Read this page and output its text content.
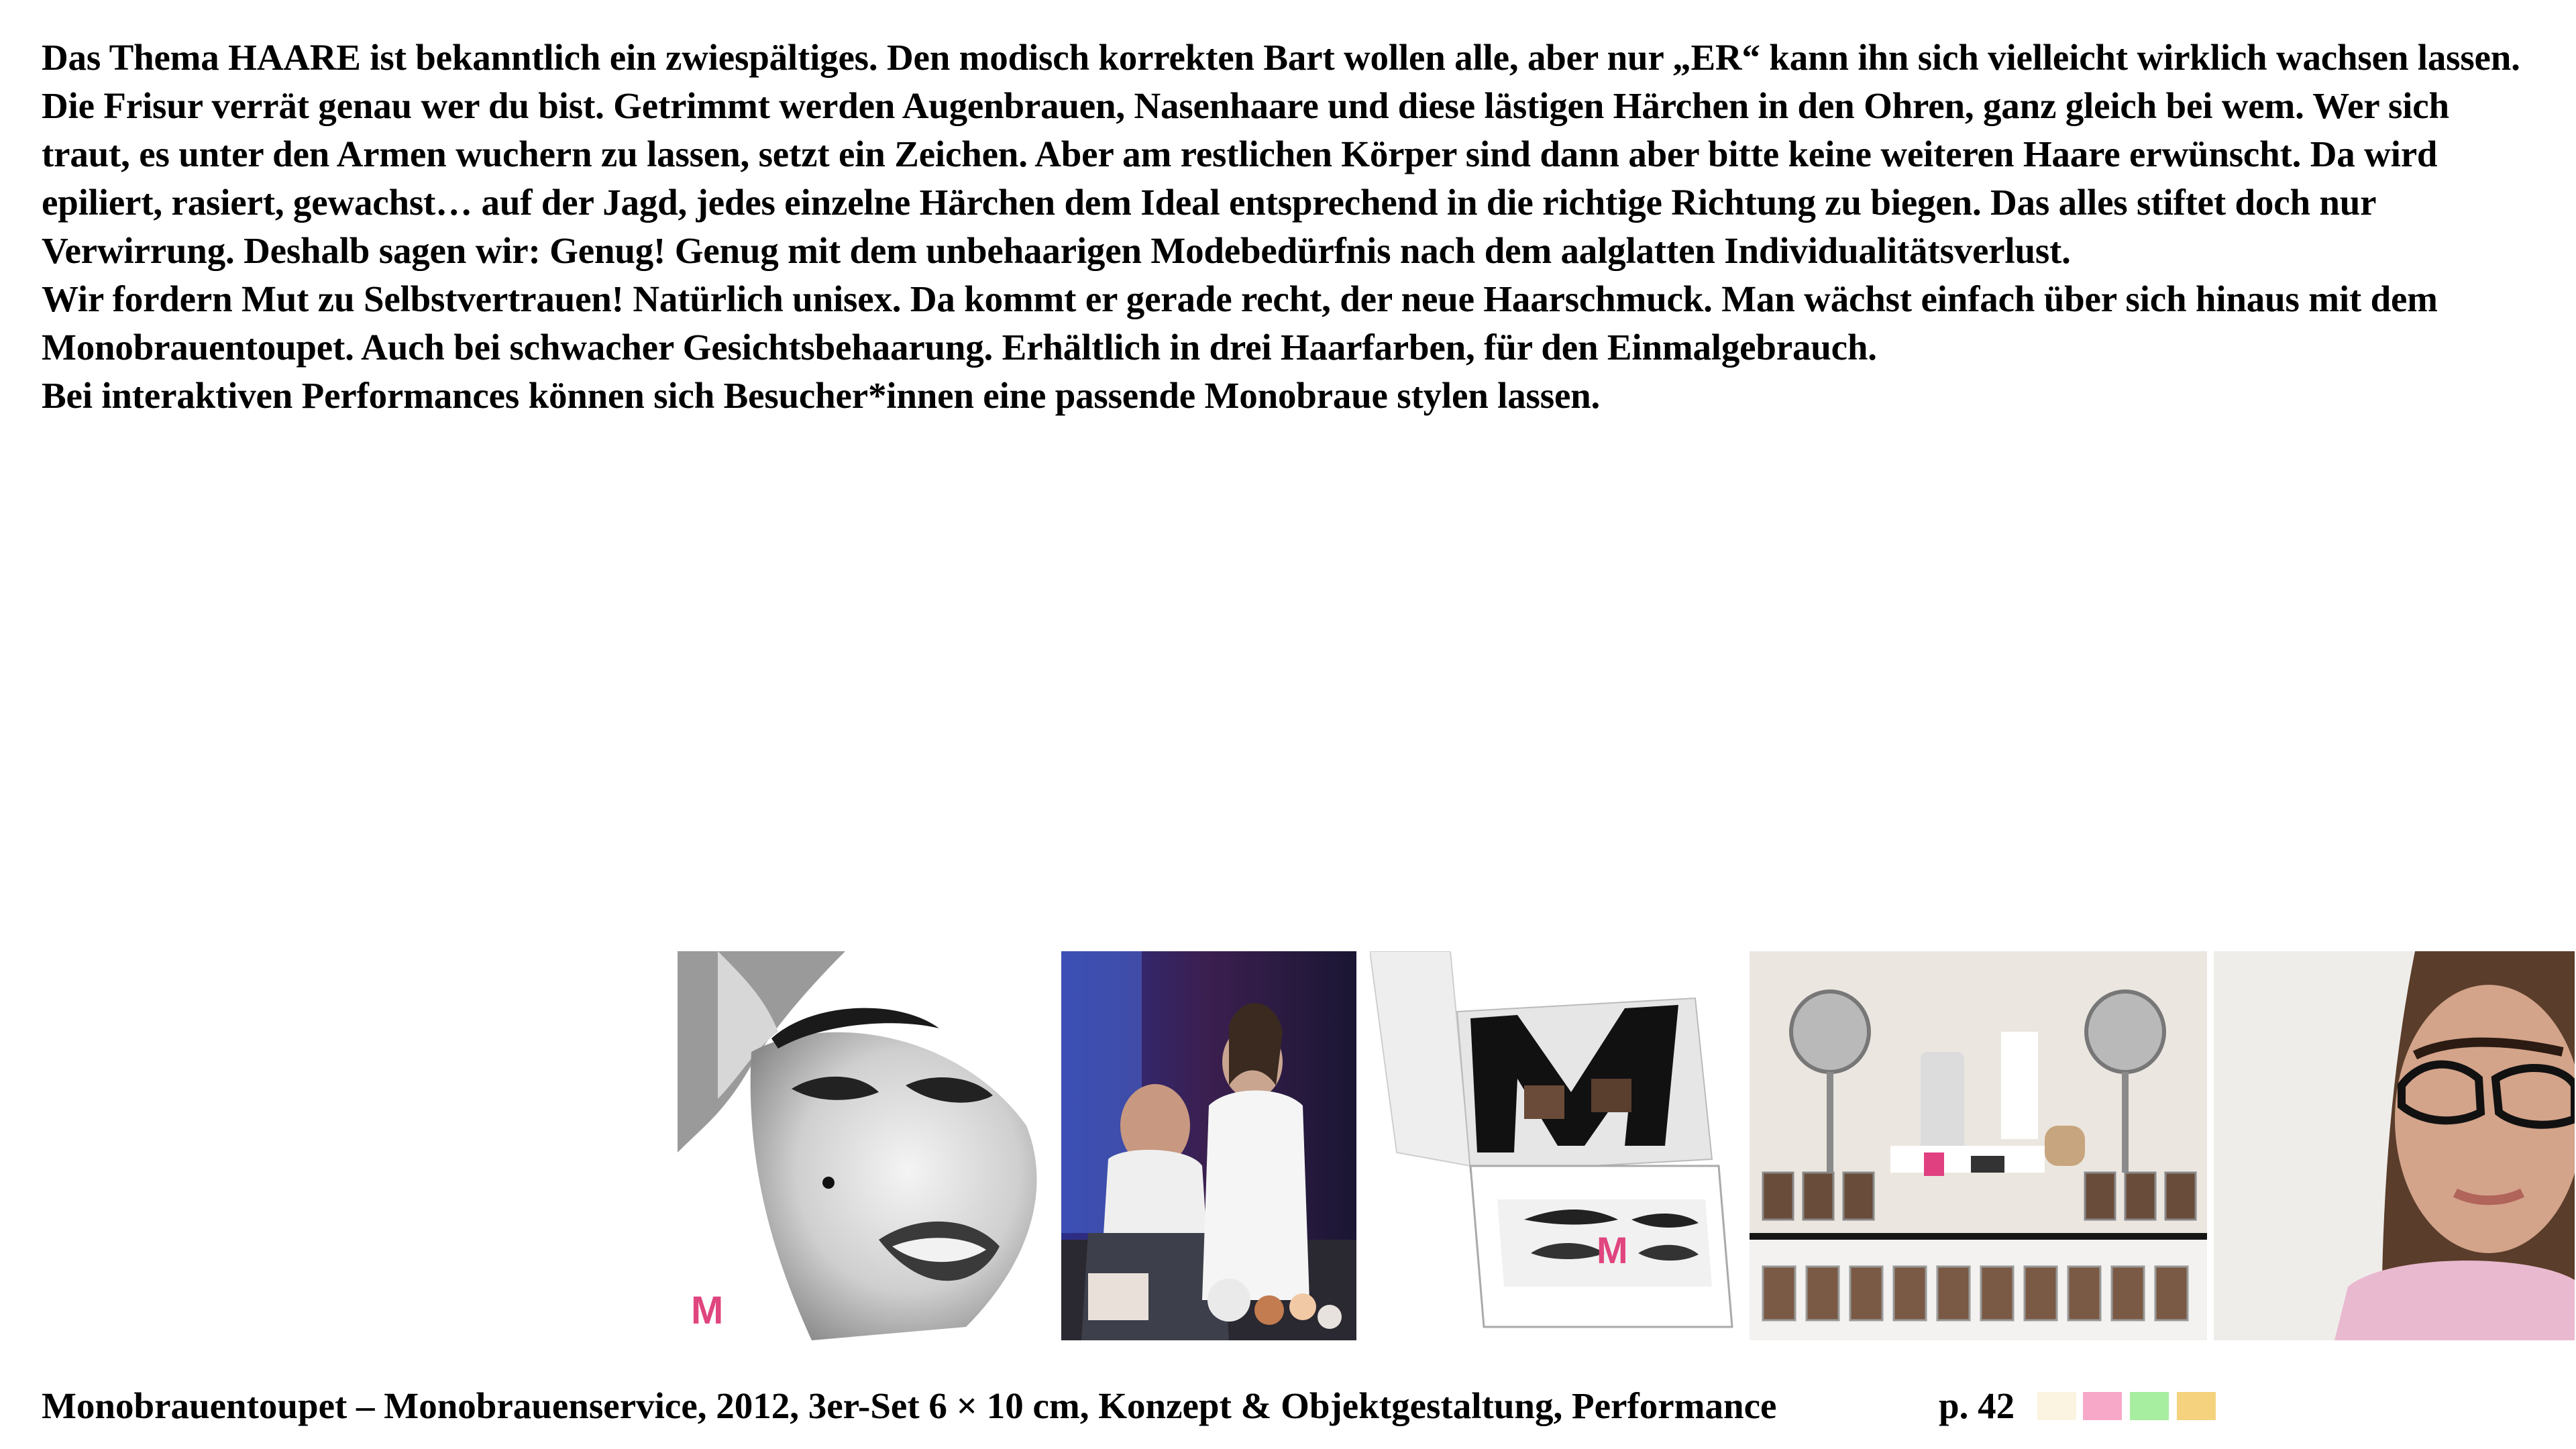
Das Thema HAARE ist bekanntlich ein zwiespältiges. Den modisch korrekten Bart wollen alle, aber nur „ER“ kann ihn sich vielleicht wirklich wachsen lassen. Die Frisur verrät genau wer du bist. Getrimmt werden Augenbrauen, Nasenhaare und diese lästigen Härchen in den Ohren, ganz gleich bei wem. Wer sich traut, es unter den Armen wuchern zu lassen, setzt ein Zeichen. Aber am restlichen Körper sind dann aber bitte keine weiteren Haare erwünscht. Da wird epiliert, rasiert, gewachst… auf der Jagd, jedes einzelne Härchen dem Ideal entsprechend in die richtige Richtung zu biegen. Das alles stiftet doch nur Verwirrung. Deshalb sagen wir: Genug! Genug mit dem unbehaarigen Modebedürfnis nach dem aalglatten Individualitätsverlust.

Wir fordern Mut zu Selbstvertrauen! Natürlich unisex. Da kommt er gerade recht, der neue Haarschmuck. Man wächst einfach über sich hinaus mit dem Monobrauentoupet. Auch bei schwacher Gesichtsbehaarung. Erhältlich in drei Haarfarben, für den Einmalgebrauch.

Bei interaktiven Performances können sich Besucher*innen eine passende Monobraue stylen lassen.

M
M
Monobrauentoupet – Monobrauenservice, 2012, 3er-Set 6 × 10 cm, Konzept & Objektgestaltung, Performance	p. 42
